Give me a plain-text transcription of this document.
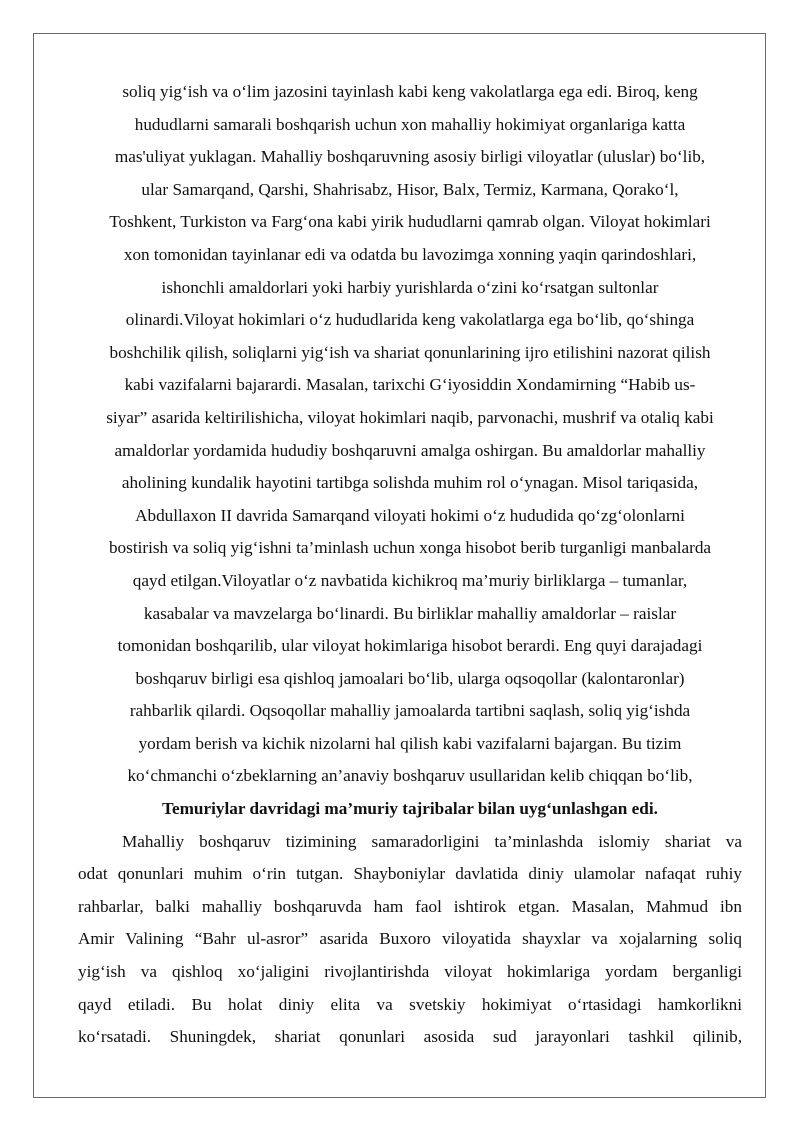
soliq yig‘ish va o‘lim jazosini tayinlash kabi keng vakolatlarga ega edi. Biroq, keng
hududlarni samarali boshqarish uchun xon mahalliy hokimiyat organlariga katta
mas'uliyat yuklagan. Mahalliy boshqaruvning asosiy birligi viloyatlar (uluslar) bo‘lib,
ular Samarqand, Qarshi, Shahrisabz, Hisor, Balx, Termiz, Karmana, Qorako‘l,
Toshkent, Turkiston va Farg‘ona kabi yirik hududlarni qamrab olgan. Viloyat hokimlari
xon tomonidan tayinlanar edi va odatda bu lavozimga xonning yaqin qarindoshlari,
ishonchli amaldorlari yoki harbiy yurishlarda o‘zini ko‘rsatgan sultonlar
olinardi.Viloyat hokimlari o‘z hududlarida keng vakolatlarga ega bo‘lib, qo‘shinga
boshchilik qilish, soliqlarni yig‘ish va shariat qonunlarining ijro etilishini nazorat qilish
kabi vazifalarni bajarardi. Masalan, tarixchi G‘iyosiddin Xondamirning “Habib us-
siyar” asarida keltirilishicha, viloyat hokimlari naqib, parvonachi, mushrif va otaliq kabi
amaldorlar yordamida hududiy boshqaruvni amalga oshirgan. Bu amaldorlar mahalliy
aholining kundalik hayotini tartibga solishda muhim rol o‘ynagan. Misol tariqasida,
Abdullaxon II davrida Samarqand viloyati hokimi o‘z hududida qo‘zg‘olonlarni
bostirish va soliq yig‘ishni ta’minlash uchun xonga hisobot berib turganligi manbalarda
qayd etilgan.Viloyatlar o‘z navbatida kichikroq ma’muriy birliklarga – tumanlar,
kasabalar va mavzelarga bo‘linardi. Bu birliklar mahalliy amaldorlar – raislar
tomonidan boshqarilib, ular viloyat hokimlariga hisobot berardi. Eng quyi darajadagi
boshqaruv birligi esa qishloq jamoalari bo‘lib, ularga oqsoqollar (kalontaronlar)
rahbarlik qilardi. Oqsoqollar mahalliy jamoalarda tartibni saqlash, soliq yig‘ishda
yordam berish va kichik nizolarni hal qilish kabi vazifalarni bajargan. Bu tizim
ko‘chmanchi o‘zbeklarning an’anaviy boshqaruv usullaridan kelib chiqqan bo‘lib,
Temuriylar davridagi ma’muriy tajribalar bilan uyg‘unlashgan edi.

Mahalliy boshqaruv tizimining samaradorligini ta’minlashda islomiy shariat va
odat qonunlari muhim o‘rin tutgan. Shayboniylar davlatida diniy ulamolar nafaqat ruhiy
rahbarlar, balki mahalliy boshqaruvda ham faol ishtirok etgan. Masalan, Mahmud ibn
Amir Valining “Bahr ul-asror” asarida Buxoro viloyatida shayxlar va xojalarning soliq
yig‘ish va qishloq xo‘jaligini rivojlantirishda viloyat hokimlariga yordam berganligi
qayd etiladi. Bu holat diniy elita va svetskiy hokimiyat o‘rtasidagi hamkorlikni
ko‘rsatadi. Shuningdek, shariat qonunlari asosida sud jarayonlari tashkil qilinib,
